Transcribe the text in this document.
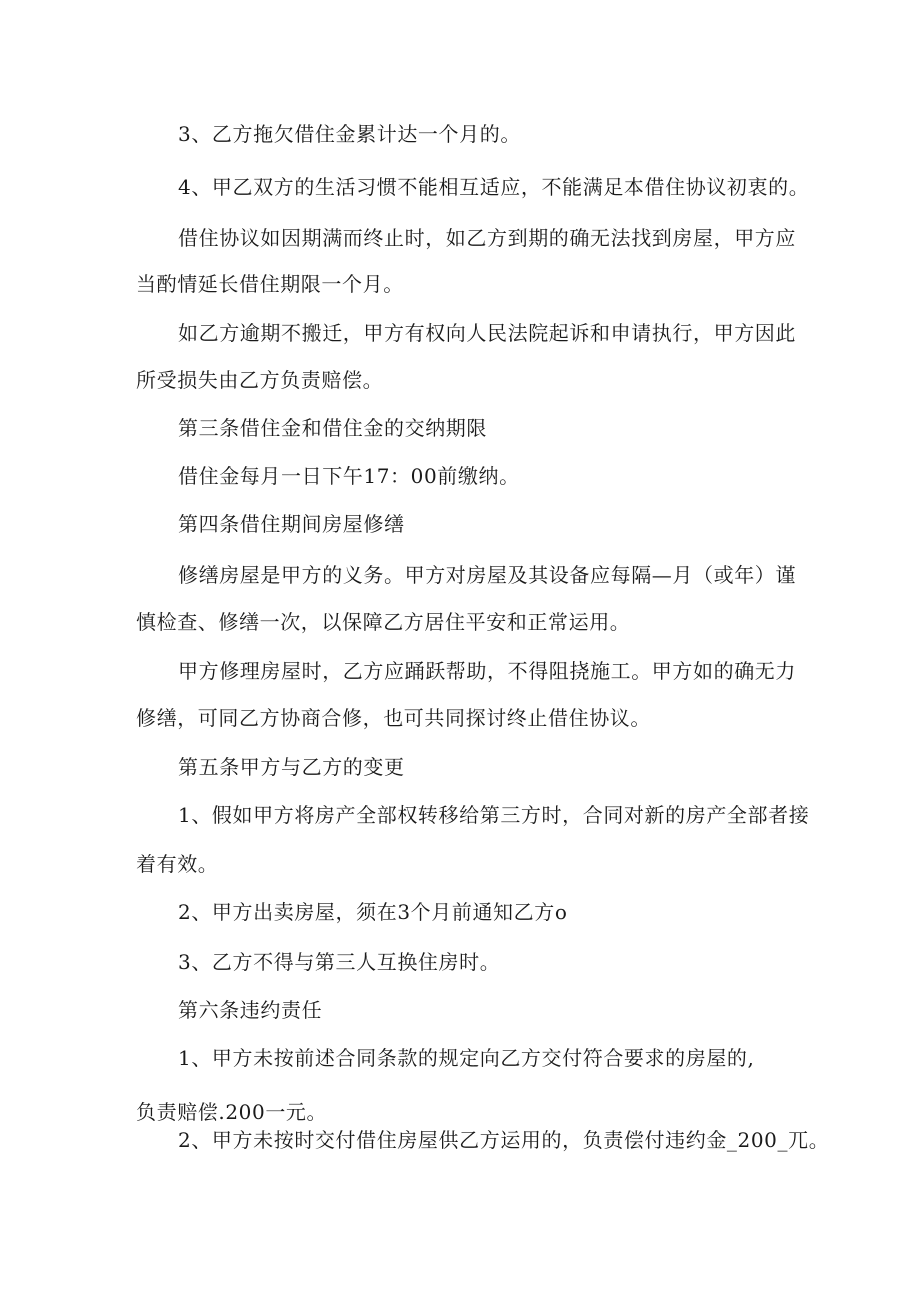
3、乙方拖欠借住金累计达一个月的。
4、甲乙双方的生活习惯不能相互适应，不能满足本借住协议初衷的。
借住协议如因期满而终止时，如乙方到期的确无法找到房屋，甲方应
当酌情延长借住期限一个月。
如乙方逾期不搬迁，甲方有权向人民法院起诉和申请执行，甲方因此
所受损失由乙方负责赔偿。
第三条借住金和借住金的交纳期限
借住金每月一日下午17：00前缴纳。
第四条借住期间房屋修缮
修缮房屋是甲方的义务。甲方对房屋及其设备应每隔—月（或年）谨
慎检查、修缮一次，以保障乙方居住平安和正常运用。
甲方修理房屋时，乙方应踊跃帮助，不得阻挠施工。甲方如的确无力
修缮，可同乙方协商合修，也可共同探讨终止借住协议。
第五条甲方与乙方的变更
1、假如甲方将房产全部权转移给第三方时，合同对新的房产全部者接
着有效。
2、甲方出卖房屋，须在3个月前通知乙方o
3、乙方不得与第三人互换住房时。
第六条违约责任
1、甲方未按前述合同条款的规定向乙方交付符合要求的房屋的,
负责赔偿.200一元。
2、甲方未按时交付借住房屋供乙方运用的，负责偿付违约金_200_兀。
